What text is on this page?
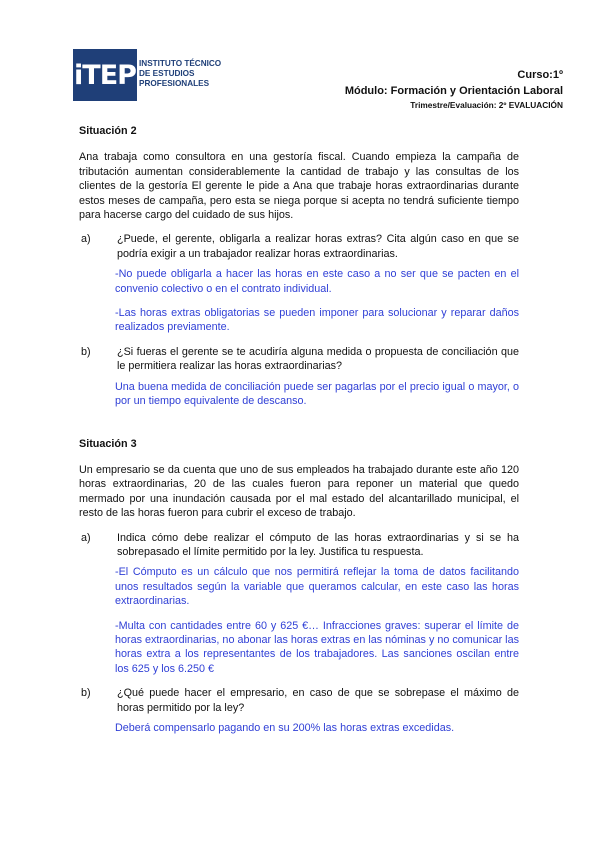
iTEP INSTITUTO TÉCNICO
DE ESTUDIOS
PROFESIONALES
Curso:1º
Módulo: Formación y Orientación Laboral
Trimestre/Evaluación: 2º EVALUACIÓN

Situación 2

Ana trabaja como consultora en una gestoría fiscal. Cuando empieza la campaña de tributación aumentan considerablemente la cantidad de trabajo y las consultas de los clientes de la gestoría El gerente le pide a Ana que trabaje horas extraordinarias durante estos meses de campaña, pero esta se niega porque si acepta no tendrá suficiente tiempo para hacerse cargo del cuidado de sus hijos.

a)	¿Puede, el gerente, obligarla a realizar horas extras? Cita algún caso en que se podría exigir a un trabajador realizar horas extraordinarias.

-No puede obligarla a hacer las horas en este caso a no ser que se pacten en el convenio colectivo o en el contrato individual.

-Las horas extras obligatorias se pueden imponer para solucionar y reparar daños realizados previamente.

b)	¿Si fueras el gerente se te acudiría alguna medida o propuesta de conciliación que le permitiera realizar las horas extraordinarias?

Una buena medida de conciliación puede ser pagarlas por el precio igual o mayor, o por un tiempo equivalente de descanso.

Situación 3

Un empresario se da cuenta que uno de sus empleados ha trabajado durante este año 120 horas extraordinarias, 20 de las cuales fueron para reponer un material que quedo mermado por una inundación causada por el mal estado del alcantarillado municipal, el resto de las horas fueron para cubrir el exceso de trabajo.

a)	Indica cómo debe realizar el cómputo de las horas extraordinarias y si se ha sobrepasado el límite permitido por la ley. Justifica tu respuesta.

-El Cómputo es un cálculo que nos permitirá reflejar la toma de datos facilitando unos resultados según la variable que queramos calcular, en este caso las horas extraordinarias.

-Multa con cantidades entre 60 y 625 €… Infracciones graves: superar el límite de horas extraordinarias, no abonar las horas extras en las nóminas y no comunicar las horas extra a los representantes de los trabajadores. Las sanciones oscilan entre los 625 y los 6.250 €

b)	¿Qué puede hacer el empresario, en caso de que se sobrepase el máximo de horas permitido por la ley?

Deberá compensarlo pagando en su 200% las horas extras excedidas.
